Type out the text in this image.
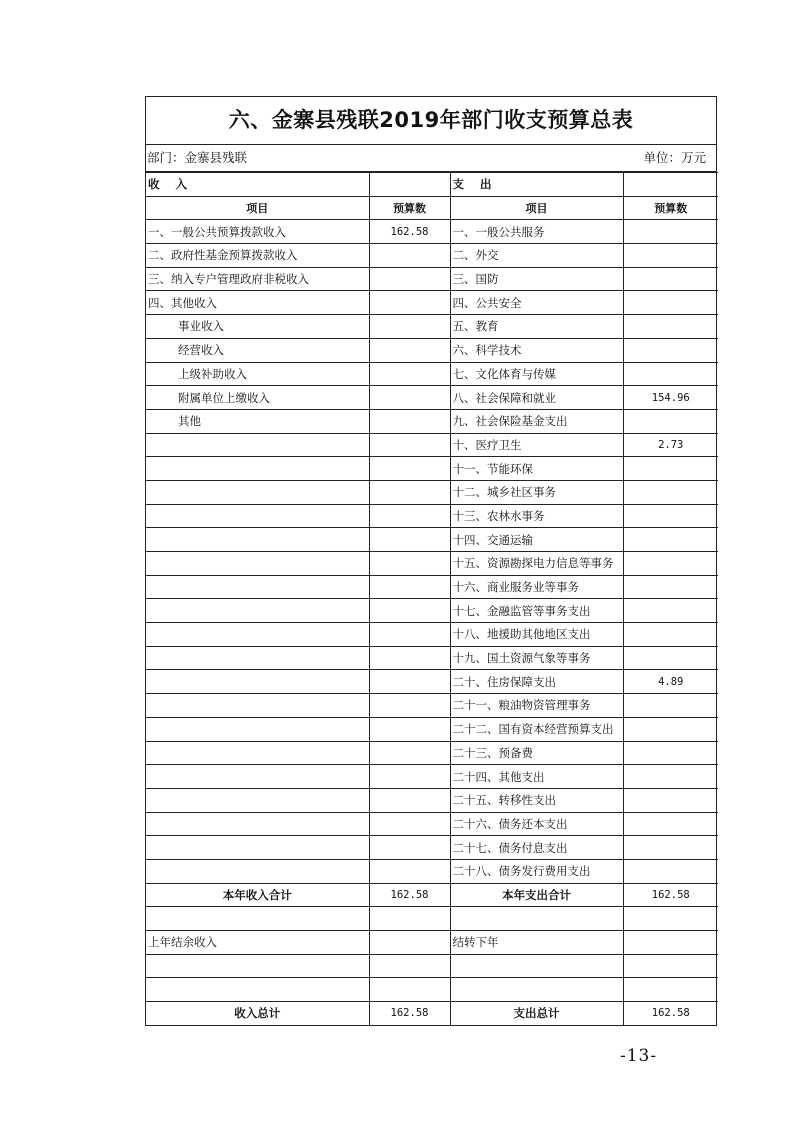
六、金寨县残联2019年部门收支预算总表
部门：金寨县残联	单位：万元
收 入		支 出	
项目	预算数	项目	预算数
一、一般公共预算拨款收入	162.58	一、一般公共服务	
二、政府性基金预算拨款收入		二、外交	
三、纳入专户管理政府非税收入		三、国防	
四、其他收入		四、公共安全	
事业收入		五、教育	
经营收入		六、科学技术	
上级补助收入		七、文化体育与传媒	
附属单位上缴收入		八、社会保障和就业	154.96
其他		九、社会保险基金支出	
		十、医疗卫生	2.73
		十一、节能环保	
		十二、城乡社区事务	
		十三、农林水事务	
		十四、交通运输	
		十五、资源勘探电力信息等事务	
		十六、商业服务业等事务	
		十七、金融监管等事务支出	
		十八、地援助其他地区支出	
		十九、国土资源气象等事务	
		二十、住房保障支出	4.89
		二十一、粮油物资管理事务	
		二十二、国有资本经营预算支出	
		二十三、预备费	
		二十四、其他支出	
		二十五、转移性支出	
		二十六、债务还本支出	
		二十七、债务付息支出	
		二十八、债务发行费用支出	
本年收入合计	162.58	本年支出合计	162.58

上年结余收入		结转下年	

收入总计	162.58	支出总计	162.58
-13-
